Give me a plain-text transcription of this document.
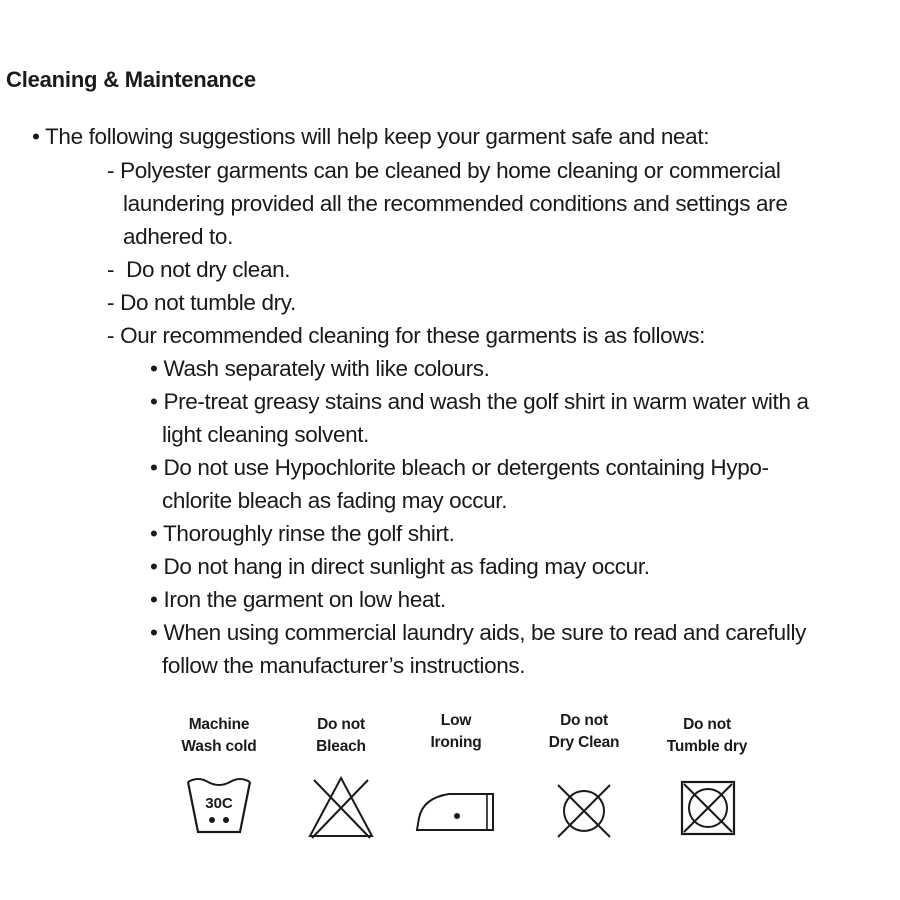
Cleaning & Maintenance
• The following suggestions will help keep your garment safe and neat:
- Polyester garments can be cleaned by home cleaning or commercial
laundering provided all the recommended conditions and settings are
adhered to.
- Do not dry clean.
- Do not tumble dry.
- Our recommended cleaning for these garments is as follows:
• Wash separately with like colours.
• Pre-treat greasy stains and wash the golf shirt in warm water with a
light cleaning solvent.
• Do not use Hypochlorite bleach or detergents containing Hypo-
chlorite bleach as fading may occur.
• Thoroughly rinse the golf shirt.
• Do not hang in direct sunlight as fading may occur.
• Iron the garment on low heat.
• When using commercial laundry aids, be sure to read and carefully
follow the manufacturer’s instructions.
Machine
Wash cold
30C
Do not
Bleach
Low
Ironing
Do not
Dry Clean
Do not
Tumble dry
